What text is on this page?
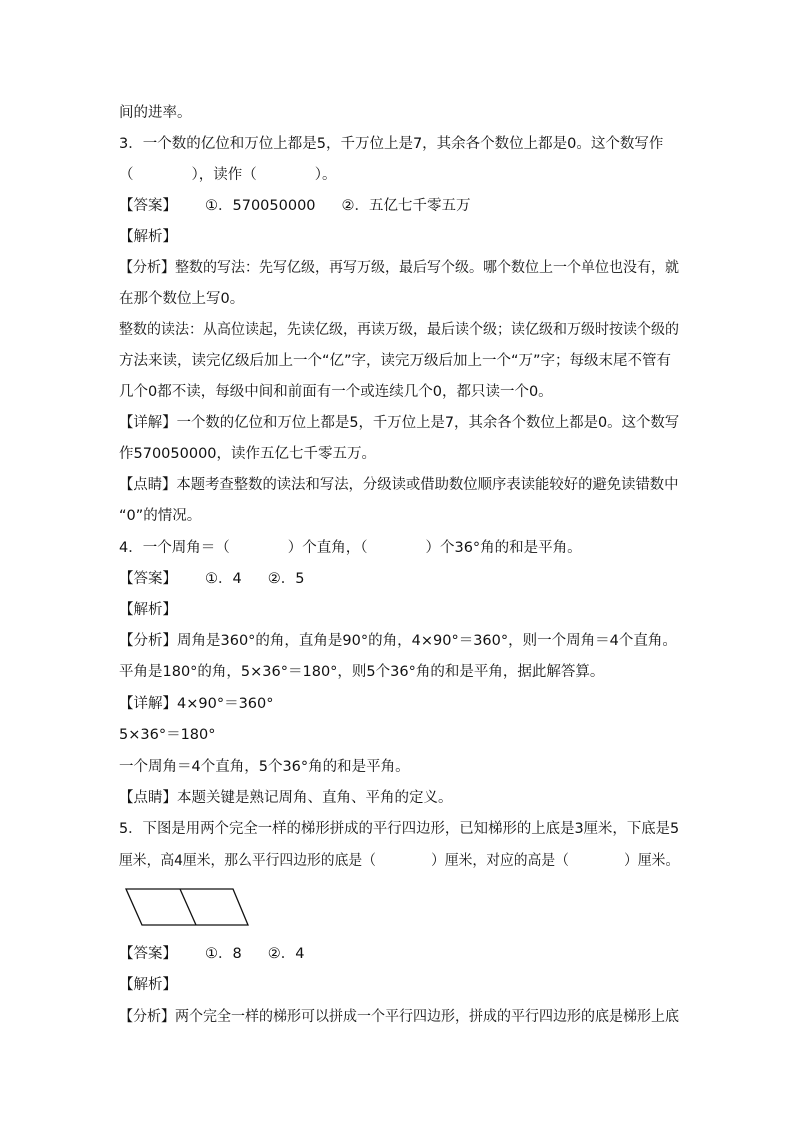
间的进率。
3．一个数的亿位和万位上都是5，千万位上是7，其余各个数位上都是0。这个数写作
（　　　　），读作（　　　　）。
【答案】 ①．570050000 ②．五亿七千零五万
【解析】
【分析】整数的写法：先写亿级，再写万级，最后写个级。哪个数位上一个单位也没有，就
在那个数位上写0。
整数的读法：从高位读起，先读亿级，再读万级，最后读个级；读亿级和万级时按读个级的
方法来读，读完亿级后加上一个“亿”字，读完万级后加上一个“万”字；每级末尾不管有
几个0都不读，每级中间和前面有一个或连续几个0，都只读一个0。
【详解】一个数的亿位和万位上都是5，千万位上是7，其余各个数位上都是0。这个数写
作570050000，读作五亿七千零五万。
【点睛】本题考查整数的读法和写法，分级读或借助数位顺序表读能较好的避免读错数中
“0”的情况。
4．一个周角＝（　　　　）个直角，（　　　　）个36°角的和是平角。
【答案】 ①．4 ②．5
【解析】
【分析】周角是360°的角，直角是90°的角，4×90°＝360°，则一个周角＝4个直角。
平角是180°的角，5×36°＝180°，则5个36°角的和是平角，据此解答算。
【详解】4×90°＝360°
5×36°＝180°
一个周角＝4个直角，5个36°角的和是平角。
【点睛】本题关键是熟记周角、直角、平角的定义。
5．下图是用两个完全一样的梯形拼成的平行四边形，已知梯形的上底是3厘米，下底是5
厘米，高4厘米，那么平行四边形的底是（　　　　）厘米，对应的高是（　　　　）厘米。
【答案】 ①．8 ②．4
【解析】
【分析】两个完全一样的梯形可以拼成一个平行四边形，拼成的平行四边形的底是梯形上底
